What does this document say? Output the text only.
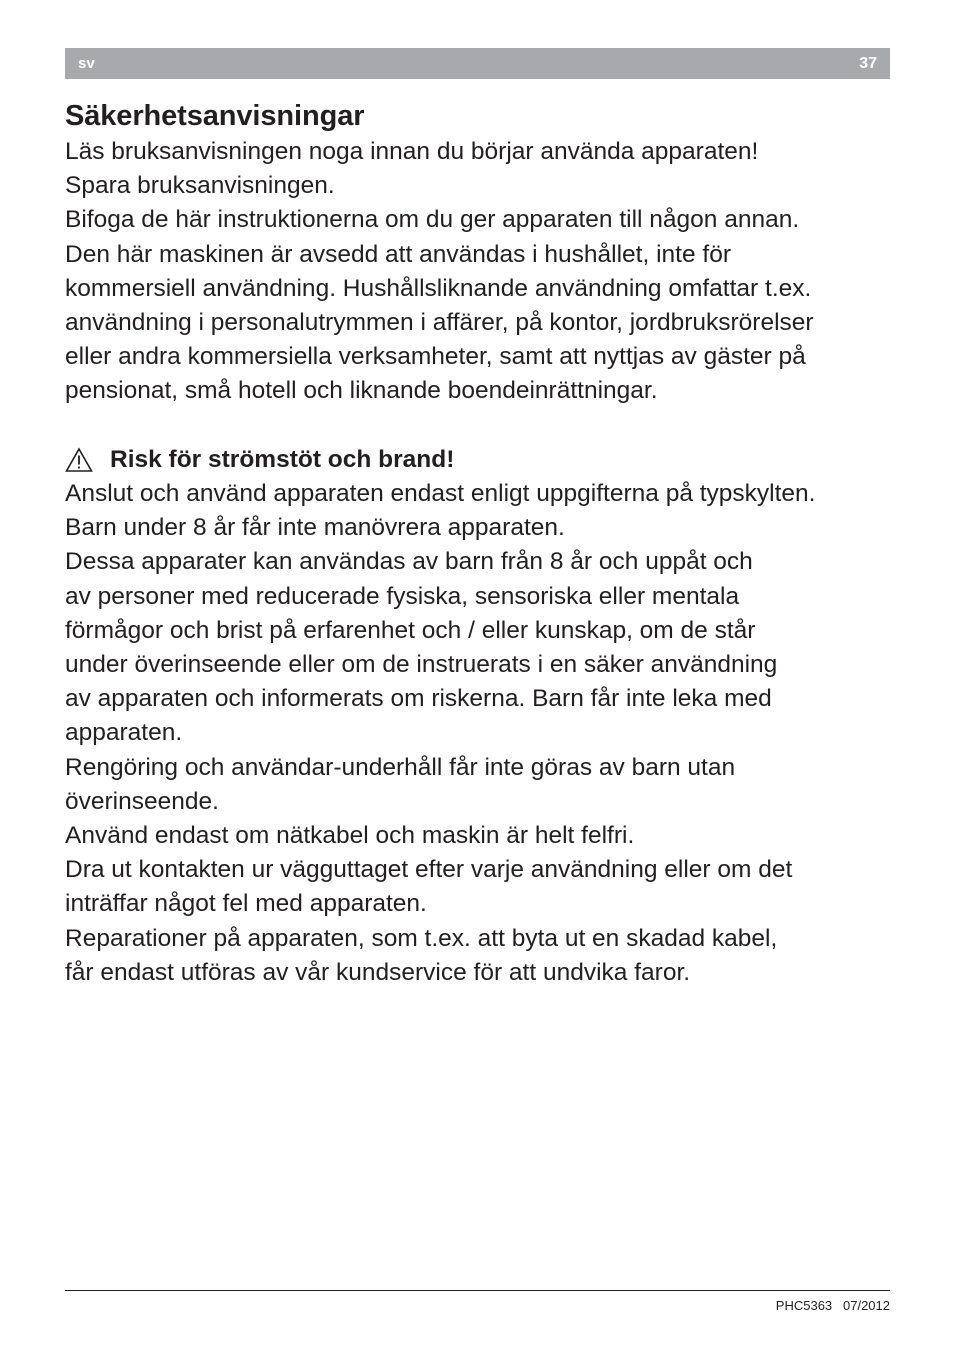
sv	37
Säkerhetsanvisningar

Läs bruksanvisningen noga innan du börjar använda apparaten!

Spara bruksanvisningen.

Bifoga de här instruktionerna om du ger apparaten till någon annan.

Den här maskinen är avsedd att användas i hushållet, inte för

kommersiell användning. Hushållsliknande användning omfattar t.ex.

användning i personalutrymmen i affärer, på kontor, jordbruksrörelser

eller andra kommersiella verksamheter, samt att nyttjas av gäster på

pensionat, små hotell och liknande boendeinrättningar.

Risk för strömstöt och brand!

Anslut och använd apparaten endast enligt uppgifterna på typskylten.

Barn under 8 år får inte manövrera apparaten.

Dessa apparater kan användas av barn från 8 år och uppåt och

av personer med reducerade fysiska, sensoriska eller mentala

förmågor och brist på erfarenhet och / eller kunskap, om de står

under överinseende eller om de instruerats i en säker användning

av apparaten och informerats om riskerna. Barn får inte leka med

apparaten.

Rengöring och användar-underhåll får inte göras av barn utan

överinseende.

Använd endast om nätkabel och maskin är helt felfri.

Dra ut kontakten ur vägguttaget efter varje användning eller om det

inträffar något fel med apparaten.

Reparationer på apparaten, som t.ex. att byta ut en skadad kabel,

får endast utföras av vår kundservice för att undvika faror.

PHC5363 07/2012
